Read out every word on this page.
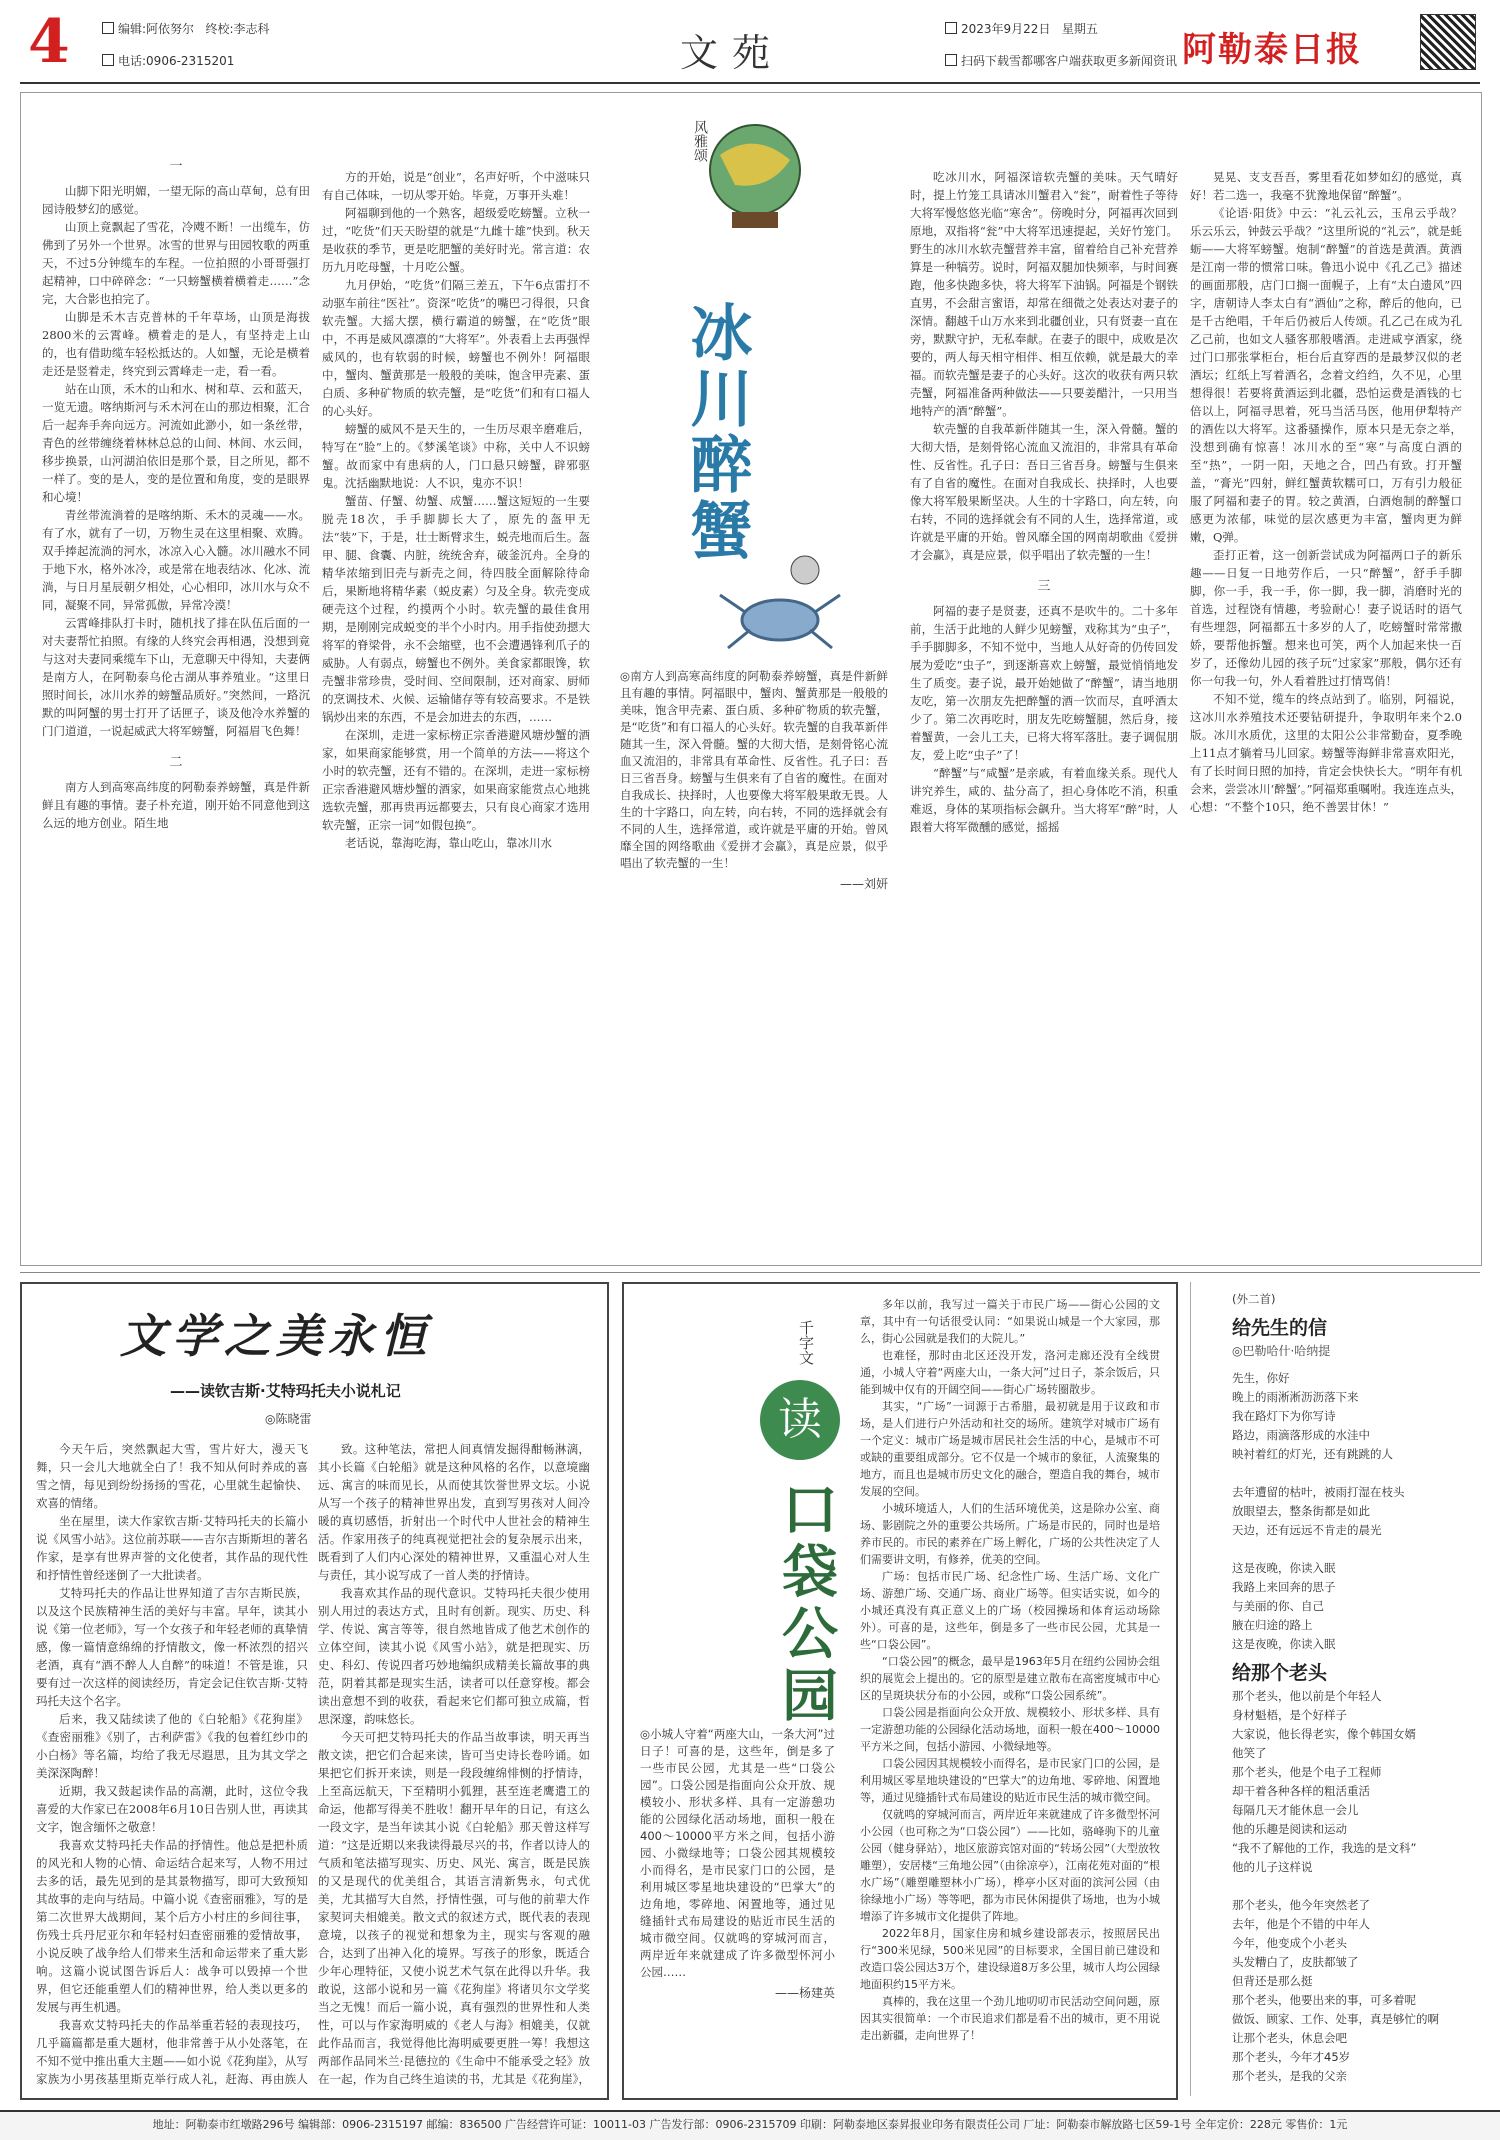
4	编辑:阿依努尔 终校:李志科
电话:0906-2315201	文苑
2023年9月22日 星期五
扫码下载雪都哪客户端获取更多新闻资讯 阿勒泰日报
一

山脚下阳光明媚，一望无际的高山草甸，总有田园诗般梦幻的感觉。

山顶上竟飘起了雪花，冷飕不断！一出缆车，仿佛到了另外一个世界。冰雪的世界与田园牧歌的两重天，不过5分钟缆车的车程。一位拍照的小哥哥强打起精神，口中碎碎念：“一只螃蟹横着横着走……”念完，大合影也拍完了。

山脚是禾木吉克普林的千年草场，山顶是海拔2800米的云霄峰。横着走的是人，有坚持走上山的，也有借助缆车轻松抵达的。人如蟹，无论是横着走还是竖着走，终究到云霄峰走一走，看一看。

站在山顶，禾木的山和水、树和草、云和蓝天，一览无遗。喀纳斯河与禾木河在山的那边相聚，汇合后一起奔手奔向远方。河流如此渺小，如一条丝带，青色的丝带缠绕着林林总总的山间、林间、水云间，移步换景，山河湖泊依旧是那个景，目之所见，都不一样了。变的是人，变的是位置和角度，变的是眼界和心境！

青丝带流淌着的是喀纳斯、禾木的灵魂——水。有了水，就有了一切，万物生灵在这里相聚、欢腾。双手捧起流淌的河水，冰凉入心入髓。冰川融水不同于地下水，格外冰冷，或是常在地表结冰、化冰、流淌，与日月星辰朝夕相处，心心相印，冰川水与众不同，凝聚不同，异常孤傲，异常冷漠！

云霄峰排队打卡时，随机找了排在队伍后面的一对夫妻帮忙拍照。有缘的人终究会再相遇，没想到竟与这对夫妻同乘缆车下山，无意聊天中得知，夫妻俩是南方人，在阿勒泰乌伦古湖从事养殖业。“这里日照时间长，冰川水养的螃蟹品质好。”突然间，一路沉默的叫阿蟹的男士打开了话匣子，谈及他冷水养蟹的门门道道，一说起威武大将军螃蟹，阿福眉飞色舞！

二

南方人到高寒高纬度的阿勒泰养螃蟹，真是件新鲜且有趣的事情。妻子朴充道，刚开始不同意他到这么远的地方创业。陌生地

方的开始，说是“创业”，名声好听，个中滋味只有自己体味，一切从零开始。毕竟，万事开头难！

阿福聊到他的一个熟客，超级爱吃螃蟹。立秋一过，“吃货”们天天盼望的就是“九雌十雄”快到。秋天是收获的季节，更是吃肥蟹的美好时光。常言道：农历九月吃母蟹，十月吃公蟹。

九月伊始，“吃货”们隔三差五，下午6点雷打不动驱车前往“医社”。资深“吃货”的嘴巴刁得很，只食软壳蟹。大摇大摆，横行霸道的螃蟹，在“吃货”眼中，不再是威风凛凛的“大将军”。外表看上去再强悍威风的，也有软弱的时候，螃蟹也不例外！阿福眼中，蟹肉、蟹黄那是一般般的美味，饱含甲壳素、蛋白质、多种矿物质的软壳蟹，是“吃货”们和有口福人的心头好。

螃蟹的威风不是天生的，一生历尽艰辛磨难后，特写在“脸”上的。《梦溪笔谈》中称，关中人不识螃蟹。故而家中有患病的人，门口悬只螃蟹，辟邪驱鬼。沈括幽默地说：人不识，鬼亦不识！

蟹苗、仔蟹、幼蟹、成蟹……蟹这短短的一生要脱壳18次，手手脚脚长大了，原先的盔甲无法“装”下，于是，壮士断臂求生，蜕壳地而后生。盔甲、腿、食囊、内脏，统统舍弃，破釜沉舟。全身的精华浓缩到旧壳与新壳之间，待四肢全面解除待命后，果断地将精华素（蜕皮素）匀及全身。软壳变成硬壳这个过程，约摸两个小时。软壳蟹的最佳食用期，是刚刚完成蜕变的半个小时内。用手指使劲摁大将军的脊梁骨，永不会缩壁，也不会遭遇锋利爪子的威胁。人有弱点，螃蟹也不例外。美食家都眼馋，软壳蟹非常珍贵，受时间、空间限制，还对商家、厨师的烹调技术、火候、运输储存等有较高要求。不是铁锅炒出来的东西，不是会加进去的东西，……

在深圳，走进一家标榜正宗香港避风塘炒蟹的酒家，如果商家能够赏，用一个简单的方法——将这个小时的软壳蟹，还有不错的。在深圳，走进一家标榜正宗香港避风塘炒蟹的酒家，如果商家能赏点心地挑选软壳蟹，那再贵再远都要去，只有良心商家才选用软壳蟹，正宗一词“如假包换”。

老话说，靠海吃海，靠山吃山，靠冰川水

风雅颂
冰川醉蟹
◎南方人到高寒高纬度的阿勒泰养螃蟹，真是件新鲜且有趣的事情。阿福眼中，蟹肉、蟹黄那是一般般的美味，饱含甲壳素、蛋白质、多种矿物质的软壳蟹，是“吃货”和有口福人的心头好。软壳蟹的自我革新伴随其一生，深入骨髓。蟹的大彻大悟，是刻骨铭心流血又流泪的，非常具有革命性、反省性。孔子曰：吾日三省吾身。螃蟹与生俱来有了自省的魔性。在面对自我成长、抉择时，人也要像大将军般果敢无畏。人生的十字路口，向左转，向右转，不同的选择就会有不同的人生，选择常道，或许就是平庸的开始。曾风靡全国的网络歌曲《爱拼才会赢》，真是应景，似乎唱出了软壳蟹的一生！
——刘妍

吃冰川水，阿福深谙软壳蟹的美味。天气晴好时，提上竹笼工具请冰川蟹君入“瓮”，耐着性子等待大将军慢悠悠光临“寒舍”。傍晚时分，阿福再次回到原地，双指将“瓮”中大将军迅速提起，关好竹笼门。野生的冰川水软壳蟹营养丰富，留着给自己补充营养算是一种犒劳。说时，阿福双腿加快频率，与时间赛跑，他多快跑多快，将大将军下油锅。阿福是个钢铁直男，不会甜言蜜语，却常在细微之处表达对妻子的深情。翻越千山万水来到北疆创业，只有贤妻一直在旁，默默守护，无私奉献。在妻子的眼中，成败是次要的，两人每天相守相伴、相互依赖，就是最大的幸福。而软壳蟹是妻子的心头好。这次的收获有两只软壳蟹，阿福准备两种做法——只要姜醋汁，一只用当地特产的酒“醉蟹”。

软壳蟹的自我革新伴随其一生，深入骨髓。蟹的大彻大悟，是刻骨铭心流血又流泪的，非常具有革命性、反省性。孔子曰：吾日三省吾身。螃蟹与生俱来有了自省的魔性。在面对自我成长、抉择时，人也要像大将军般果断坚决。人生的十字路口，向左转，向右转，不同的选择就会有不同的人生，选择常道，或许就是平庸的开始。曾风靡全国的网南胡歌曲《爱拼才会赢》，真是应景，似乎唱出了软壳蟹的一生！

三

阿福的妻子是贤妻，还真不是吹牛的。二十多年前，生活于此地的人鲜少见螃蟹，戏称其为“虫子”，手手脚脚多，不知不觉中，当地人从好奇的仍传回发展为爱吃“虫子”，到逐渐喜欢上螃蟹，最觉悄悄地发生了质变。妻子说，最开始她做了“醉蟹”，请当地朋友吃，第一次朋友先把醉蟹的酒一饮而尽，直呼酒太少了。第二次再吃时，朋友先吃螃蟹腿，然后身，接着蟹黄，一会儿工夫，已将大将军落肚。妻子调侃朋友，爱上吃“虫子”了！

“醉蟹”与“咸蟹”是亲戚，有着血缘关系。现代人讲究养生，咸的、盐分高了，担心身体吃不消，积重难返，身体的某项指标会飙升。当大将军“醉”时，人跟着大将军微醺的感觉，摇摇

晃晃、支支吾吾，雾里看花如梦如幻的感觉，真好！若二选一，我毫不犹豫地保留“醉蟹”。

《论语·阳货》中云：“礼云礼云，玉帛云乎哉？乐云乐云，钟鼓云乎哉？”这里所说的“礼云”，就是蚝蛎——大将军螃蟹。炮制“醉蟹”的首选是黄酒。黄酒是江南一带的惯常口味。鲁迅小说中《孔乙己》描述的画面那般，店门口搁一面幌子，上有“太白遗风”四字，唐朝诗人李太白有“酒仙”之称，醉后的他向，已是千古绝唱，千年后仍被后人传颂。孔乙己在成为孔乙己前，也如文人骚客那般嗜酒。走进咸亨酒家，绕过门口那张掌柜台，柜台后直穿西的是最梦汉似的老酒坛；红纸上写着酒名，念着文绉绉，久不见，心里想得很！若要将黄酒运到北疆，恐怕运费是酒钱的七倍以上，阿福寻思着，死马当活马医，他用伊犁特产的酒佐以大将军。这番骚操作，原本只是无奈之举，没想到确有惊喜！冰川水的至“寒”与高度白酒的至“热”，一阴一阳，天地之合，凹凸有致。打开蟹盖，“膏光”四射，鲜红蟹黄软糯可口，万有引力般征服了阿福和妻子的胃。较之黄酒，白酒炮制的醉蟹口感更为浓郁，味觉的层次感更为丰富，蟹肉更为鲜嫩，Q弹。

歪打正着，这一创新尝试成为阿福两口子的新乐趣——日复一日地劳作后，一只“醉蟹”，舒手手脚脚，你一手，我一手，你一脚，我一脚，消磨时光的首选，过程饶有情趣，考验耐心！妻子说话时的语气有些埋怨，阿福都五十多岁的人了，吃螃蟹时常常撒娇，要帮他拆蟹。想来也可笑，两个人加起来快一百岁了，还像幼儿园的孩子玩“过家家”那般，偶尔还有你一句我一句，外人看着胜过打情骂俏！

不知不觉，缆车的终点站到了。临别，阿福说，这冰川水养殖技术还要钻研提升，争取明年来个2.0版。冰川水质优，这里的太阳公公非常勤奋，夏季晚上11点才躺着马儿回家。螃蟹等海鲜非常喜欢阳光，有了长时间日照的加持，肯定会快快长大。“明年有机会来，尝尝冰川‘醉蟹’。”阿福郑重嘱咐。我连连点头，心想：“不整个10只，绝不善罢甘休！”

文学之美永恒
——读钦吉斯·艾特玛托夫小说札记
◎陈晓雷

今天午后，突然飘起大雪，雪片好大，漫天飞舞，只一会儿大地就全白了！我不知从何时养成的喜雪之情，每见到纷纷扬扬的雪花，心里就生起愉快、欢喜的情绪。

坐在屋里，读大作家钦吉斯·艾特玛托夫的长篇小说《风雪小站》。这位前苏联——吉尔吉斯斯坦的著名作家，是享有世界声誉的文化使者，其作品的现代性和抒情性曾经迷倒了一大批读者。

艾特玛托夫的作品让世界知道了吉尔吉斯民族，以及这个民族精神生活的美好与丰富。早年，读其小说《第一位老师》，写一个女孩子和年轻老师的真挚情感，像一篇情意绵绵的抒情散文，像一杯浓烈的招兴老酒，真有“酒不醉人人自醉”的味道！不管是谁，只要有过一次这样的阅读经历，肯定会记住钦吉斯·艾特玛托夫这个名字。

后来，我又陆续读了他的《白轮船》《花狗崖》《查密丽雅》《别了，古利萨雷》《我的包着红纱巾的小白杨》等名篇，均给了我无尽遐思，且为其文学之美深深陶醉！

近期，我又鼓起读作品的高潮，此时，这位令我喜爱的大作家已在2008年6月10日告别人世，再读其文字，饱含缅怀之敬意！

我喜欢艾特玛托夫作品的抒情性。他总是把朴质的风光和人物的心情、命运结合起来写，人物不用过去多的话，最先见到的是其景物描写，即可大致预知其故事的走向与结局。中篇小说《查密丽雅》，写的是第二次世界大战期间，某个后方小村庄的乡间往事，伤残士兵丹尼亚尔和年轻村妇查密丽雅的爱情故事，小说反映了战争给人们带来生活和命运带来了重大影响。这篇小说试图告诉后人：战争可以毁掉一个世界，但它还能重塑人们的精神世界，给人类以更多的发展与再生机遇。

我喜欢艾特玛托夫的作品举重若轻的表现技巧，几乎篇篇都是重大题材，他非常善于从小处落笔，在不知不觉中推出重大主题——如小说《花狗崖》，从写家族为小男孩基里斯克举行成人礼，赶海、再由族人

致。这种笔法，常把人间真情发掘得酣畅淋漓，其小长篇《白轮船》就是这种风格的名作，以意境幽远、寓言的味而见长，从而使其饮誉世界文坛。小说从写一个孩子的精神世界出发，直到写男孩对人间冷暖的真切感悟，折射出一个时代中人世社会的精神生活。作家用孩子的纯真视觉把社会的复杂展示出来，既看到了人们内心深处的精神世界，又重温心对人生与责任，其小说写成了一首人类的抒情诗。

我喜欢其作品的现代意识。艾特玛托夫很少使用别人用过的表达方式，且时有创新。现实、历史、科学、传说、寓言等等，很自然地皆成了他艺术创作的立体空间，读其小说《风雪小站》，就是把现实、历史、科幻、传说四者巧妙地编织成精美长篇故事的典范，阴着其都是现实生活，读者可以任意穿梭。都会读出意想不到的收获，看起来它们都可独立成篇，哲思深邃，韵味悠长。

今天可把艾特玛托夫的作品当故事读，明天再当散文读，把它们合起来读，皆可当史诗长卷吟诵。如果把它们拆开来读，则是一段段缠绵悱恻的抒情诗，上至高远航天，下至精明小狐狸，甚至连老鹰遣工的命运，他都写得美不胜收！翻开早年的日记，有这么一段文字，是当年读其小说《白轮船》那天曾这样写道：“这是近期以来我读得最尽兴的书，作者以诗人的气质和笔法描写现实、历史、风光、寓言，既是民族的又是现代的优美组合，其语言清新隽永，句式优美，尤其描写大自然，抒情性强，可与他的前辈大作家契诃夫相媲美。散文式的叙述方式，既代表的表现意境，以孩子的视觉和想象为主，现实与客观的融合，达到了出神入化的境界。写孩子的形象，既适合少年心理特征，又使小说艺术气氛在此得以升华。我敢说，这部小说和另一篇《花狗崖》将诸贝尔文学奖当之无愧！而后一篇小说，真有强烈的世界性和人类性，可以与作家海明威的《老人与海》相媲美，仅就此作品而言，我觉得他比海明威要更胜一筹！我想这两部作品同米兰·昆德拉的《生命中不能承受之轻》放在一起，作为自己终生追读的书，尤其是《花狗崖》，

千字文
读
口袋公园
◎小城人守着“两座大山，一条大河”过日子！可喜的是，这些年，倒是多了一些市民公园，尤其是一些“口袋公园”。口袋公园是指面向公众开放、规模较小、形状多样、具有一定游憩功能的公园绿化活动场地，面积一般在400～10000平方米之间，包括小游园、小微绿地等；口袋公园其规模较小而得名，是市民家门口的公园，是利用城区零星地块建设的“巴掌大”的边角地，零碎地、闲置地等，通过见缝插针式布局建设的贴近市民生活的城市微空间。仅就鸣的穿城河而言，两岸近年来就建成了许多微型怀河小公园……
——杨建英

多年以前，我写过一篇关于市民广场——街心公园的文章，其中有一句话很受认同：“如果说山城是一个大家园，那么，街心公园就是我们的大院儿。”

也难怪，那时由北区还没开发，洛河走廊还没有全线贯通，小城人守着“两座大山，一条大河”过日子，茶余饭后，只能到城中仅有的开阔空间——街心广场转圈散步。

其实，“广场”一词源于古希腊，最初就是用于议政和市场，是人们进行户外活动和社交的场所。建筑学对城市广场有一个定义：城市广场是城市居民社会生活的中心，是城市不可或缺的重要组成部分。它不仅是一个城市的象征，人流聚集的地方，而且也是城市历史文化的融合，塑造自我的舞台，城市发展的空间。

小城环境适人，人们的生活环境优美，这是除办公室、商场、影剧院之外的重要公共场所。广场是市民的，同时也是培养市民的。市民的素养在广场上孵化，广场的公共性决定了人们需要讲文明，有修养，优美的空间。

广场：包括市民广场、纪念性广场、生活广场、文化广场、游憩广场、交通广场、商业广场等。但实话实说，如今的小城还真没有真正意义上的广场（校园操场和体育运动场除外）。可喜的是，这些年，倒是多了一些市民公园，尤其是一些“口袋公园”。

“口袋公园”的概念，最早是1963年5月在纽约公园协会组织的展览会上提出的。它的原型是建立散布在高密度城市中心区的呈斑块状分布的小公园，或称“口袋公园系统”。

口袋公园是指面向公众开放、规模较小、形状多样、具有一定游憩功能的公园绿化活动场地，面积一般在400～10000平方米之间，包括小游园、小微绿地等。

口袋公园因其规模较小而得名，是市民家门口的公园，是利用城区零星地块建设的“巴掌大”的边角地、零碎地、闲置地等，通过见缝插针式布局建设的贴近市民生活的城市微空间。

仅就鸣的穿城河而言，两岸近年来就建成了许多微型怀河小公园（也可称之为“口袋公园”）——比如，骆峰驹下的儿童公园（健身驿站），地区旅游宾馆对面的“转场公园”（大型放牧雕塑），安居楼“三角地公园”（由徐凉亭），江南花苑对面的“根水广场”（雕塑雕塑林小广场），桦亭小区对面的滨河公园（由徐绿地小广场）等等吧，都为市民休闲提供了场地，也为小城增添了许多城市文化提供了阵地。

2022年8月，国家住房和城乡建设部表示，按照居民出行“300米见绿，500米见园”的目标要求，全国目前已建设和改造口袋公园达3万个，建设绿道8万多公里，城市人均公园绿地面积约15平方米。

真棒的，我在这里一个劲儿地叨叨市民活动空间问题，原因其实很简单：一个市民追求们都是看不出的城市，更不用说走出新疆，走向世界了！

(外二首)
给先生的信
◎巴勒哈什·哈纳提
先生，你好
晚上的雨淅淅沥沥落下来
我在路灯下为你写诗
路边，雨滴落形成的水洼中
映衬着红的灯光，还有跳跳的人

去年遭留的枯叶，被雨打湿在枝头
放眼望去，整条街都是如此
天边，还有远远不肯走的晨光

这是夜晚，你读入眠
我路上来回奔的思子
与美丽的你、自己
腋在归途的路上
这是夜晚，你读入眠
给那个老头
那个老头，他以前是个年轻人
身材魁梧，是个好样子
大家说，他长得老实，像个韩国女婿
他笑了
那个老头，他是个电子工程师
却干着各种各样的粗活重活
每隔几天才能休息一会儿
他的乐趣是阅读和运动
“我不了解他的工作，我选的是文科”
他的儿子这样说

那个老头，他今年突然老了
去年，他是个不错的中年人
今年，他变成个小老头
头发糟白了，皮肤都皱了
但背还是那么挺
那个老头，他要出来的事，可多着呢
做饭、顾家、工作、处事，真是够忙的啊
让那个老头，休息会吧
那个老头，今年才45岁
那个老头，是我的父亲

地址：阿勒泰市红墩路296号 编辑部：0906-2315197 邮编：836500 广告经营许可证：10011-03 广告发行部：0906-2315709 印刷：阿勒泰地区泰昇报业印务有限责任公司 厂址：阿勒泰市解放路七区59-1号 全年定价：228元 零售价：1元
